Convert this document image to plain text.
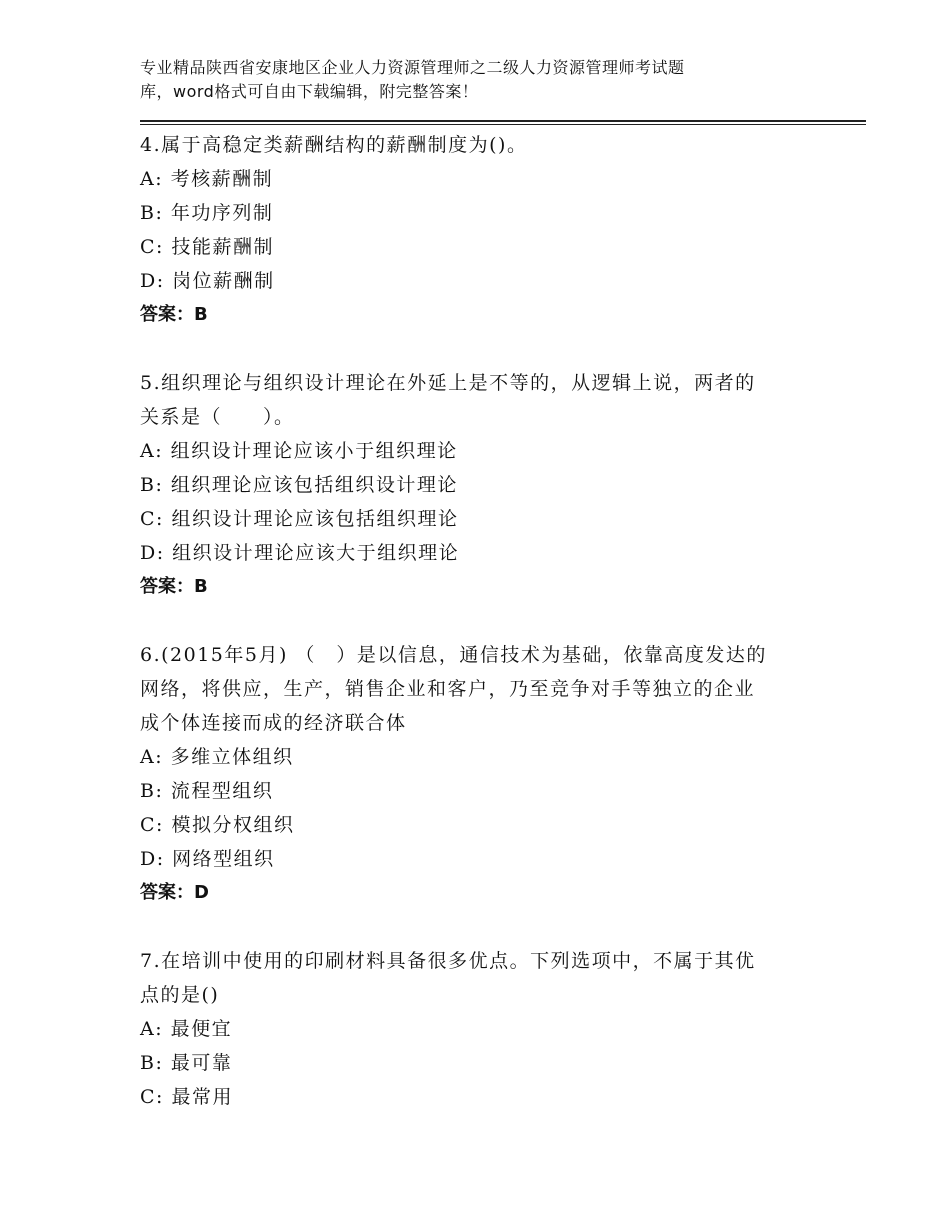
专业精品陕西省安康地区企业人力资源管理师之二级人力资源管理师考试题
库，word格式可自由下载编辑，附完整答案！

4.属于高稳定类薪酬结构的薪酬制度为()。

A: 考核薪酬制

B: 年功序列制

C: 技能薪酬制

D: 岗位薪酬制

答案：B

5.组织理论与组织设计理论在外延上是不等的，从逻辑上说，两者的

关系是（　　）。

A: 组织设计理论应该小于组织理论

B: 组织理论应该包括组织设计理论

C: 组织设计理论应该包括组织理论

D: 组织设计理论应该大于组织理论

答案：B

6.(2015年5月) （　）是以信息，通信技术为基础，依靠高度发达的

网络，将供应，生产，销售企业和客户，乃至竞争对手等独立的企业

成个体连接而成的经济联合体

A: 多维立体组织

B: 流程型组织

C: 模拟分权组织

D: 网络型组织

答案：D

7.在培训中使用的印刷材料具备很多优点。下列选项中，不属于其优

点的是()

A: 最便宜

B: 最可靠

C: 最常用
